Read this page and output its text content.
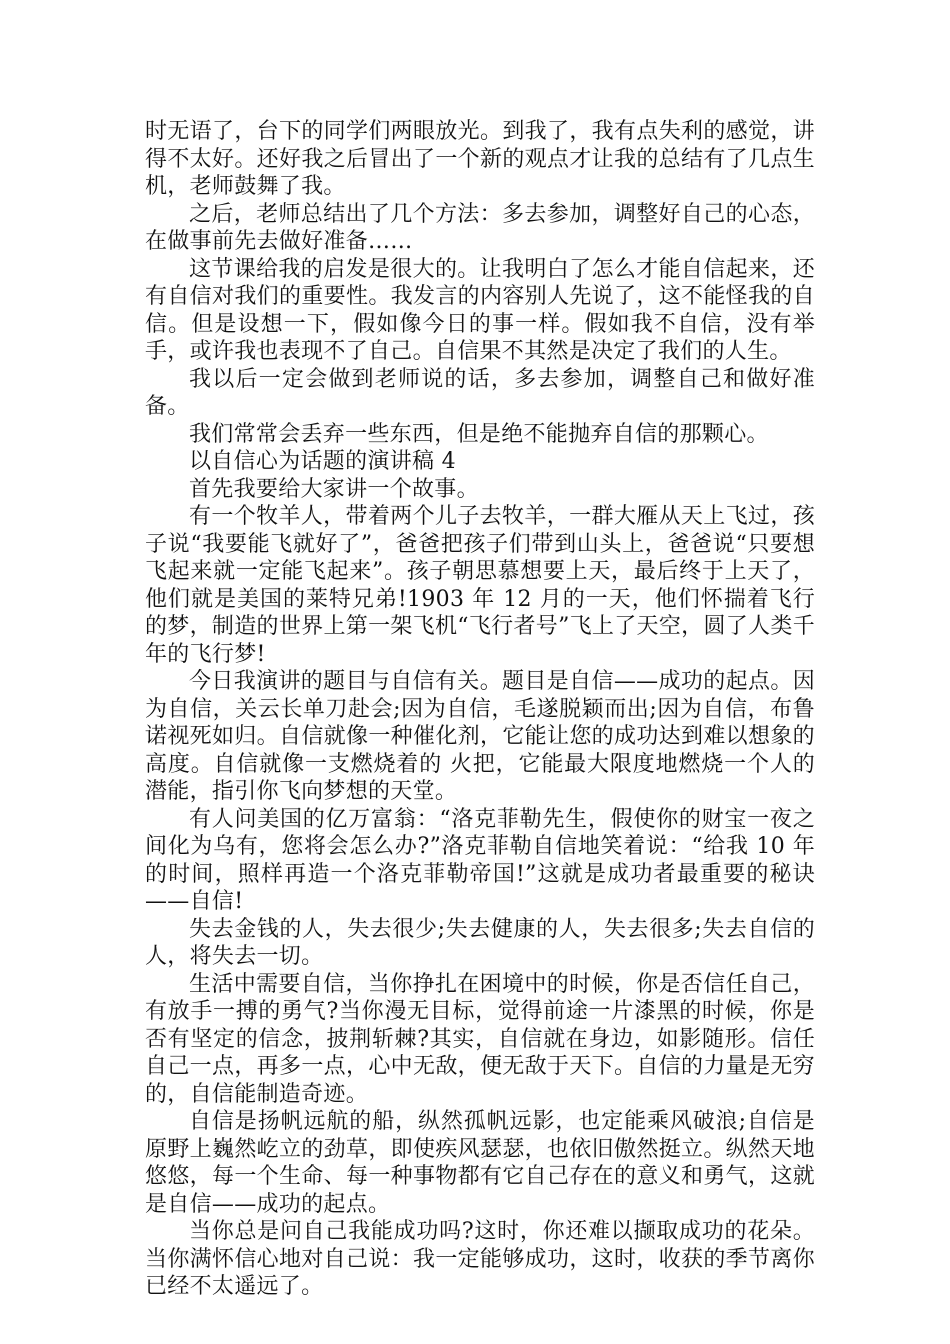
时无语了，台下的同学们两眼放光。到我了，我有点失利的感觉，讲得不太好。还好我之后冒出了一个新的观点才让我的总结有了几点生机，老师鼓舞了我。

之后，老师总结出了几个方法：多去参加，调整好自己的心态，在做事前先去做好准备……

这节课给我的启发是很大的。让我明白了怎么才能自信起来，还有自信对我们的重要性。我发言的内容别人先说了，这不能怪我的自信。但是设想一下，假如像今日的事一样。假如我不自信，没有举手，或许我也表现不了自己。自信果不其然是决定了我们的人生。

我以后一定会做到老师说的话，多去参加，调整自己和做好准备。

我们常常会丢弃一些东西，但是绝不能抛弃自信的那颗心。

以自信心为话题的演讲稿 4

首先我要给大家讲一个故事。

有一个牧羊人，带着两个儿子去牧羊，一群大雁从天上飞过，孩子说“我要能飞就好了”，爸爸把孩子们带到山头上，爸爸说“只要想飞起来就一定能飞起来”。孩子朝思慕想要上天，最后终于上天了，他们就是美国的莱特兄弟!1903 年 12 月的一天，他们怀揣着飞行的梦，制造的世界上第一架飞机“飞行者号”飞上了天空，圆了人类千年的飞行梦!

今日我演讲的题目与自信有关。题目是自信——成功的起点。因为自信，关云长单刀赴会;因为自信，毛遂脱颖而出;因为自信，布鲁诺视死如归。自信就像一种催化剂，它能让您的成功达到难以想象的高度。自信就像一支燃烧着的 火把，它能最大限度地燃烧一个人的潜能，指引你飞向梦想的天堂。

有人问美国的亿万富翁：“洛克菲勒先生，假使你的财宝一夜之间化为乌有，您将会怎么办?”洛克菲勒自信地笑着说：“给我 10 年的时间，照样再造一个洛克菲勒帝国!”这就是成功者最重要的秘诀——自信!

失去金钱的人，失去很少;失去健康的人，失去很多;失去自信的人，将失去一切。

生活中需要自信，当你挣扎在困境中的时候，你是否信任自己，有放手一搏的勇气?当你漫无目标，觉得前途一片漆黑的时候，你是否有坚定的信念，披荆斩棘?其实，自信就在身边，如影随形。信任自己一点，再多一点，心中无敌，便无敌于天下。自信的力量是无穷的，自信能制造奇迹。

自信是扬帆远航的船，纵然孤帆远影，也定能乘风破浪;自信是原野上巍然屹立的劲草，即使疾风瑟瑟，也依旧傲然挺立。纵然天地悠悠，每一个生命、每一种事物都有它自己存在的意义和勇气，这就是自信——成功的起点。

当你总是问自己我能成功吗?这时，你还难以撷取成功的花朵。当你满怀信心地对自己说：我一定能够成功，这时，收获的季节离你已经不太遥远了。
